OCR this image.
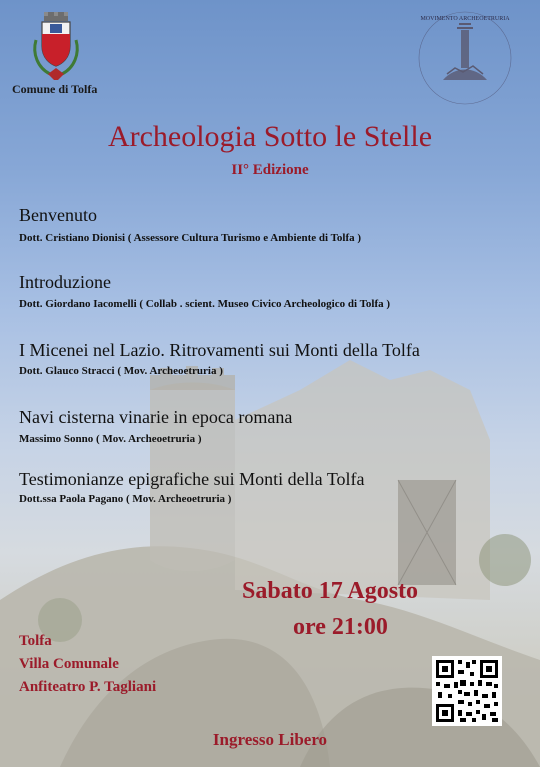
Comune di Tolfa
MOVIMENTO ARCHEOETRURIA
Archeologia Sotto le Stelle
II° Edizione
Benvenuto
Dott. Cristiano Dionisi ( Assessore Cultura Turismo e Ambiente di Tolfa )
Introduzione
Dott. Giordano Iacomelli ( Collab . scient. Museo Civico Archeologico di Tolfa )
I Micenei nel Lazio. Ritrovamenti sui Monti della Tolfa
Dott. Glauco Stracci ( Mov. Archeoetruria )
Navi cisterna vinarie in epoca romana
Massimo Sonno ( Mov. Archeoetruria )
Testimonianze epigrafiche sui Monti della Tolfa
Dott.ssa Paola Pagano ( Mov. Archeoetruria )
Sabato 17 Agosto
ore 21:00
Tolfa
Villa Comunale
Anfiteatro P. Tagliani
Ingresso Libero
